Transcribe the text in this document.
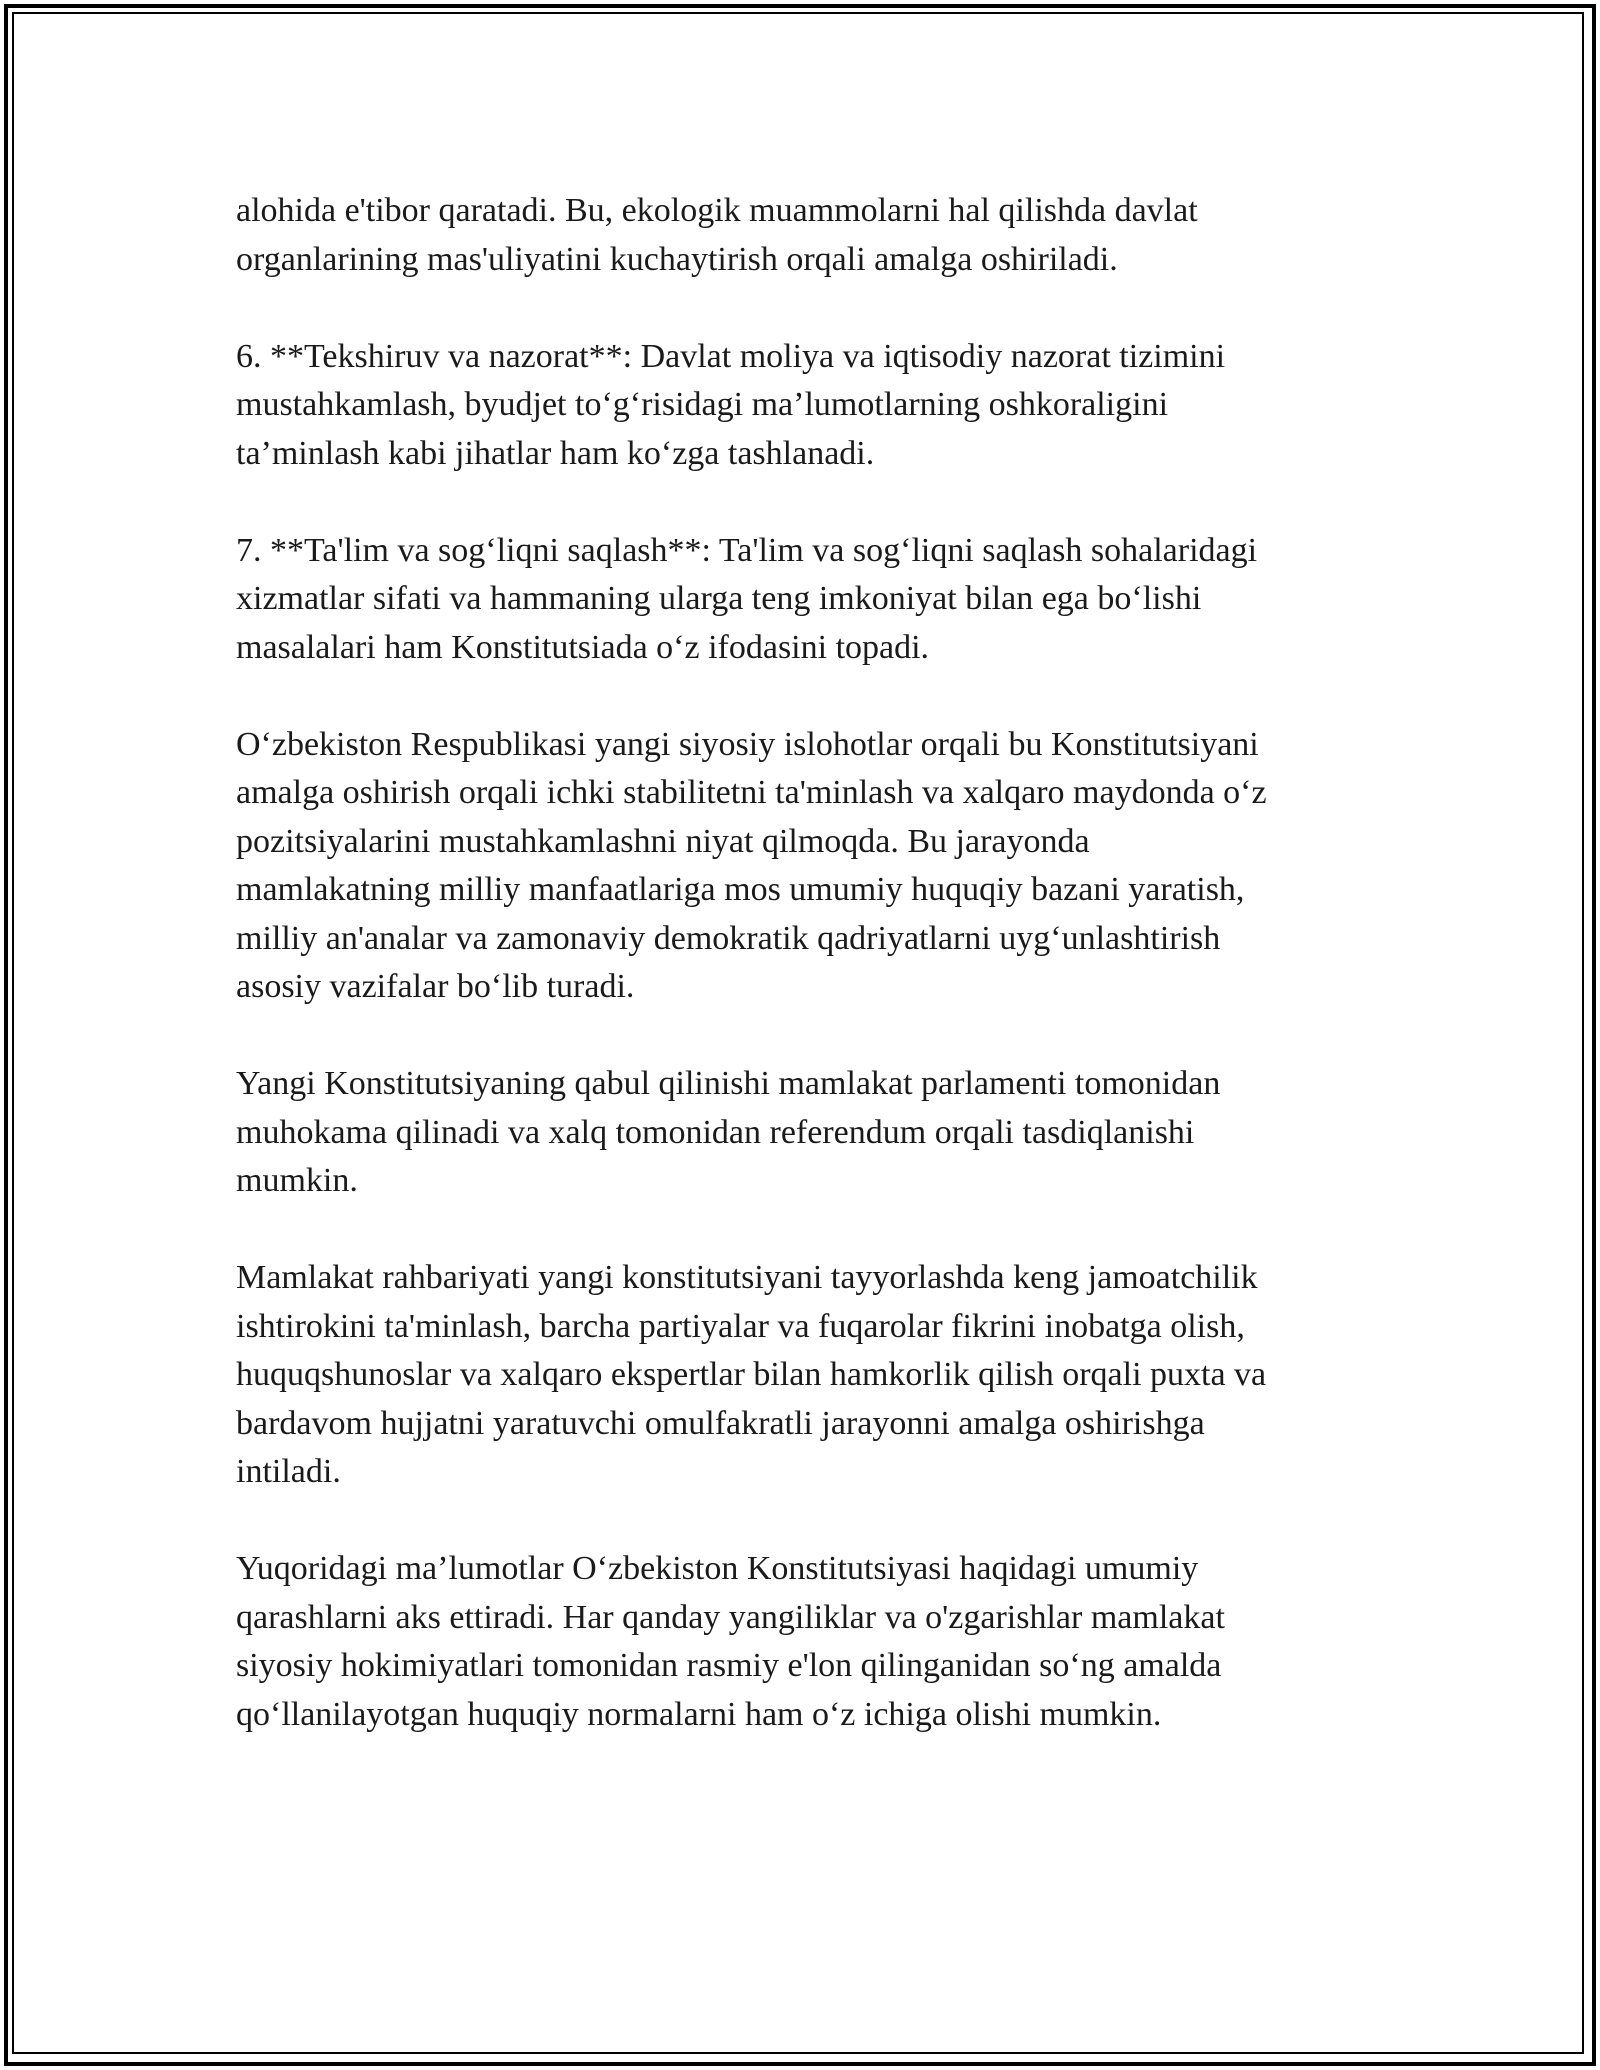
alohida e'tibor qaratadi. Bu, ekologik muammolarni hal qilishda davlat
organlarining mas'uliyatini kuchaytirish orqali amalga oshiriladi.

6. **Tekshiruv va nazorat**: Davlat moliya va iqtisodiy nazorat tizimini
mustahkamlash, byudjet to‘g‘risidagi ma’lumotlarning oshkoraligini
ta’minlash kabi jihatlar ham ko‘zga tashlanadi.

7. **Ta'lim va sog‘liqni saqlash**: Ta'lim va sog‘liqni saqlash sohalaridagi
xizmatlar sifati va hammaning ularga teng imkoniyat bilan ega bo‘lishi
masalalari ham Konstitutsiada o‘z ifodasini topadi.

O‘zbekiston Respublikasi yangi siyosiy islohotlar orqali bu Konstitutsiyani
amalga oshirish orqali ichki stabilitetni ta'minlash va xalqaro maydonda o‘z
pozitsiyalarini mustahkamlashni niyat qilmoqda. Bu jarayonda
mamlakatning milliy manfaatlariga mos umumiy huquqiy bazani yaratish,
milliy an'analar va zamonaviy demokratik qadriyatlarni uyg‘unlashtirish
asosiy vazifalar bo‘lib turadi.

Yangi Konstitutsiyaning qabul qilinishi mamlakat parlamenti tomonidan
muhokama qilinadi va xalq tomonidan referendum orqali tasdiqlanishi
mumkin.

Mamlakat rahbariyati yangi konstitutsiyani tayyorlashda keng jamoatchilik
ishtirokini ta'minlash, barcha partiyalar va fuqarolar fikrini inobatga olish,
huquqshunoslar va xalqaro ekspertlar bilan hamkorlik qilish orqali puxta va
bardavom hujjatni yaratuvchi omulfakratli jarayonni amalga oshirishga
intiladi.

Yuqoridagi ma’lumotlar O‘zbekiston Konstitutsiyasi haqidagi umumiy
qarashlarni aks ettiradi. Har qanday yangiliklar va o'zgarishlar mamlakat
siyosiy hokimiyatlari tomonidan rasmiy e'lon qilinganidan so‘ng amalda
qo‘llanilayotgan huquqiy normalarni ham o‘z ichiga olishi mumkin.
